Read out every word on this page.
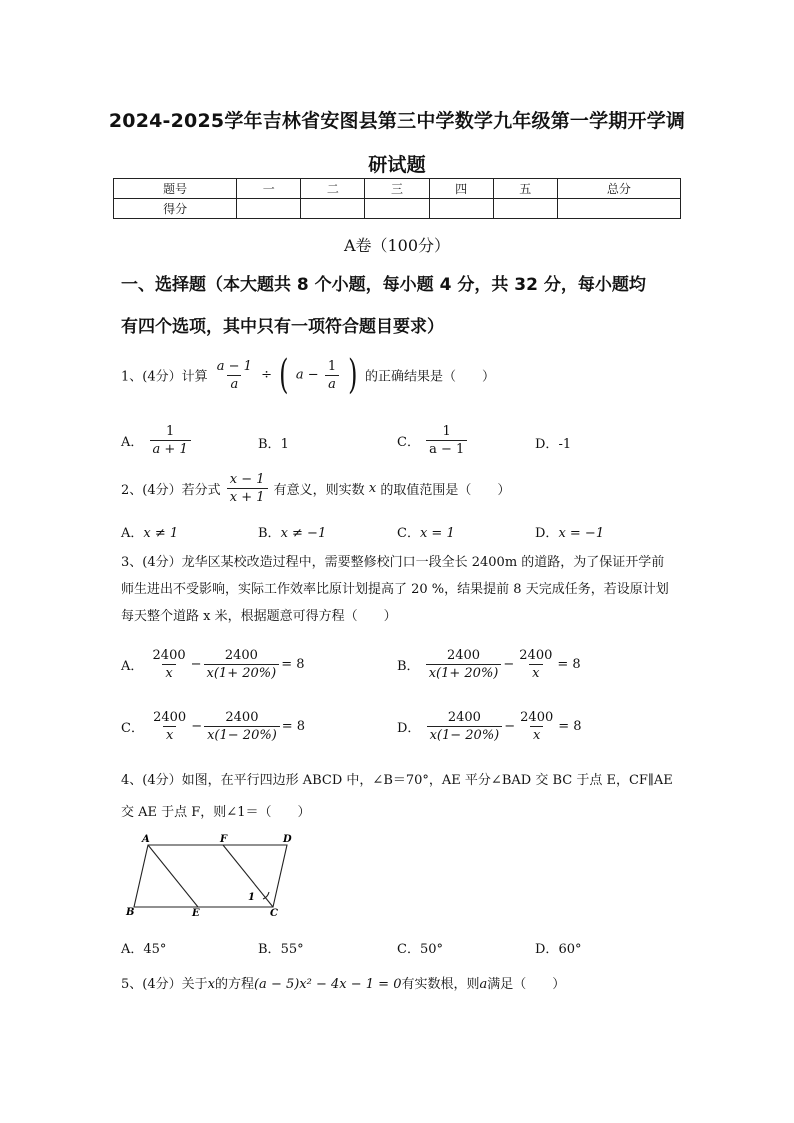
2024-2025学年吉林省安图县第三中学数学九年级第一学期开学调
研试题
题号	一	二	三	四	五	总分
得分						
A卷（100分）
一、选择题（本大题共 8 个小题，每小题 4 分，共 32 分，每小题均
有四个选项，其中只有一项符合题目要求）
1、(4分）计算 $\frac{a - 1}{a}$ ÷ ( $a - \frac{1}{a}$ ) 的正确结果是（　　）
A． $\frac{1}{a + 1}$	B．1	C． $\frac{1}{a - 1}$	D．-1
2、(4分）若分式 $\frac{x - 1}{x + 1}$ 有意义，则实数 x 的取值范围是（　　）
A．x ≠ 1	B．x ≠ −1	C．x = 1	D．x = −1
3、(4分）龙华区某校改造过程中，需要整修校门口一段全长 2400m 的道路，为了保证开学前师生进出不受影响，实际工作效率比原计划提高了 20 %，结果提前 8 天完成任务，若设原计划每天整个道路 x 米，根据题意可得方程（　　）
A． $\frac{2400}{x} - \frac{2400}{x(1+ 20\%)} = 8$	B． $\frac{2400}{x(1+ 20\%)} - \frac{2400}{x} = 8$
C． $\frac{2400}{x} - \frac{2400}{x(1- 20\%)} = 8$	D． $\frac{2400}{x(1- 20\%)} - \frac{2400}{x} = 8$
4、(4分）如图，在平行四边形 ABCD 中，∠B＝70°，AE 平分∠BAD 交 BC 于点 E，CF∥AE
交 AE 于点 F，则∠1＝（　　）
A	F	D
B	E	C
1
A．45°	B．55°	C．50°	D．60°
5、(4分）关于x的方程(a − 5)x² − 4x − 1 = 0有实数根，则a满足（　　）
